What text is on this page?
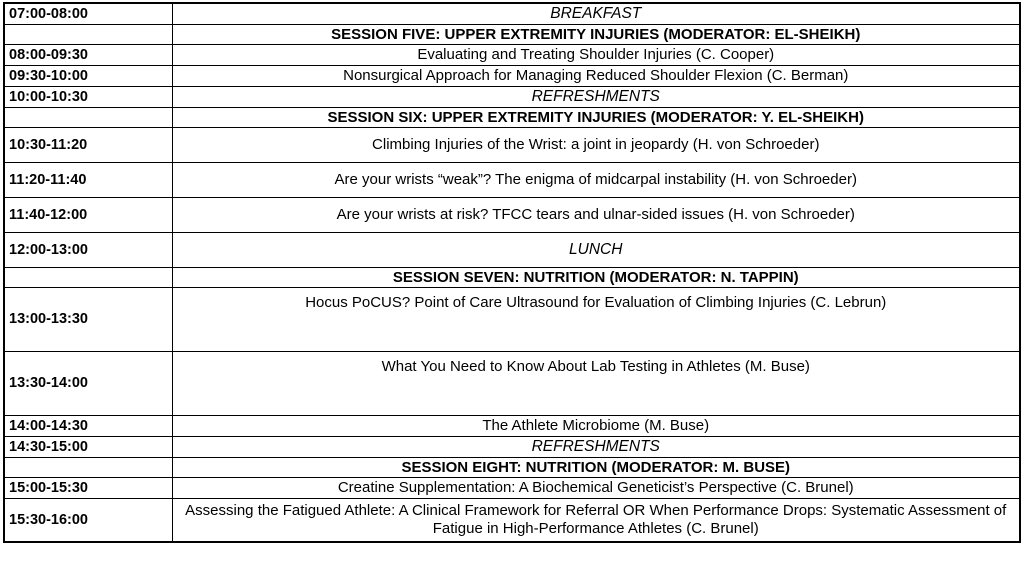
07:00-08:00	BREAKFAST
	SESSION FIVE: UPPER EXTREMITY INJURIES (MODERATOR: EL-SHEIKH)
08:00-09:30	Evaluating and Treating Shoulder Injuries (C. Cooper)
09:30-10:00	Nonsurgical Approach for Managing Reduced Shoulder Flexion (C. Berman)
10:00-10:30	REFRESHMENTS
	SESSION SIX: UPPER EXTREMITY INJURIES (MODERATOR: Y. EL-SHEIKH)
10:30-11:20	Climbing Injuries of the Wrist: a joint in jeopardy (H. von Schroeder)
11:20-11:40	Are your wrists “weak”? The enigma of midcarpal instability (H. von Schroeder)
11:40-12:00	Are your wrists at risk? TFCC tears and ulnar-sided issues (H. von Schroeder)
12:00-13:00	LUNCH
	SESSION SEVEN: NUTRITION (MODERATOR: N. TAPPIN)
13:00-13:30	Hocus PoCUS? Point of Care Ultrasound for Evaluation of Climbing Injuries (C. Lebrun)
13:30-14:00	What You Need to Know About Lab Testing in Athletes (M. Buse)
14:00-14:30	The Athlete Microbiome (M. Buse)
14:30-15:00	REFRESHMENTS
	SESSION EIGHT: NUTRITION (MODERATOR: M. BUSE)
15:00-15:30	Creatine Supplementation: A Biochemical Geneticist’s Perspective (C. Brunel)
15:30-16:00	Assessing the Fatigued Athlete: A Clinical Framework for Referral OR When Performance Drops: Systematic Assessment of Fatigue in High-Performance Athletes (C. Brunel)
